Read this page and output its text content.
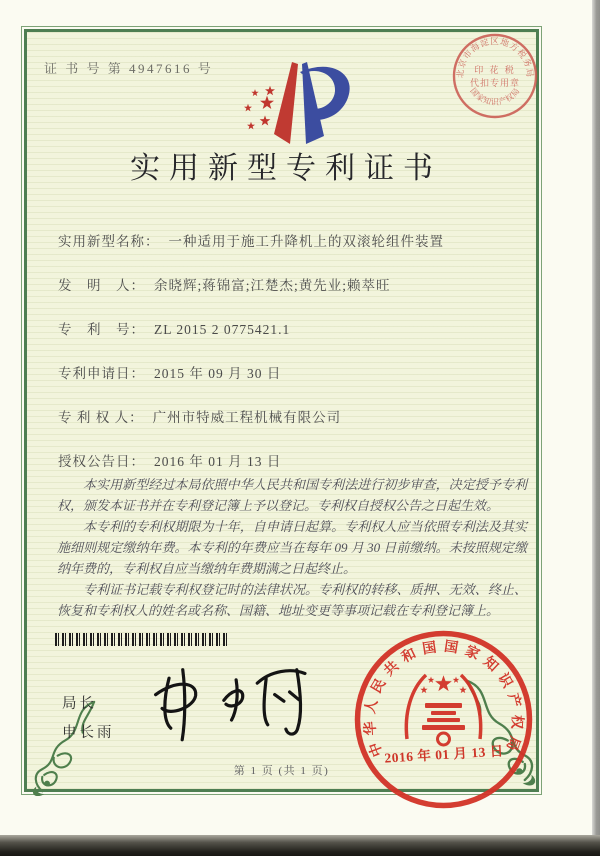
证 书 号 第 4947616 号	北京市海淀区地方税务局
国家知识产权局
印 花 税
代扣专用章
实用新型专利证书
实用新型名称： 一种适用于施工升降机上的双滚轮组件装置
发　明　人： 余晓辉;蒋锦富;江楚杰;黄先业;赖萃旺
专　利　号： ZL 2015 2 0775421.1
专利申请日： 2015 年 09 月 30 日
专 利 权 人： 广州市特威工程机械有限公司
授权公告日： 2016 年 01 月 13 日

本实用新型经过本局依照中华人民共和国专利法进行初步审查，决定授予专利权，颁发本证书并在专利登记簿上予以登记。专利权自授权公告之日起生效。

本专利的专利权期限为十年，自申请日起算。专利权人应当依照专利法及其实施细则规定缴纳年费。本专利的年费应当在每年 09 月 30 日前缴纳。未按照规定缴纳年费的，专利权自应当缴纳年费期满之日起终止。

专利证书记载专利权登记时的法律状况。专利权的转移、质押、无效、终止、恢复和专利权人的姓名或名称、国籍、地址变更等事项记载在专利登记簿上。

局长
申长雨
中华人民共和国国家知识产权局
2016 年 01 月 13 日
第 1 页 (共 1 页)
